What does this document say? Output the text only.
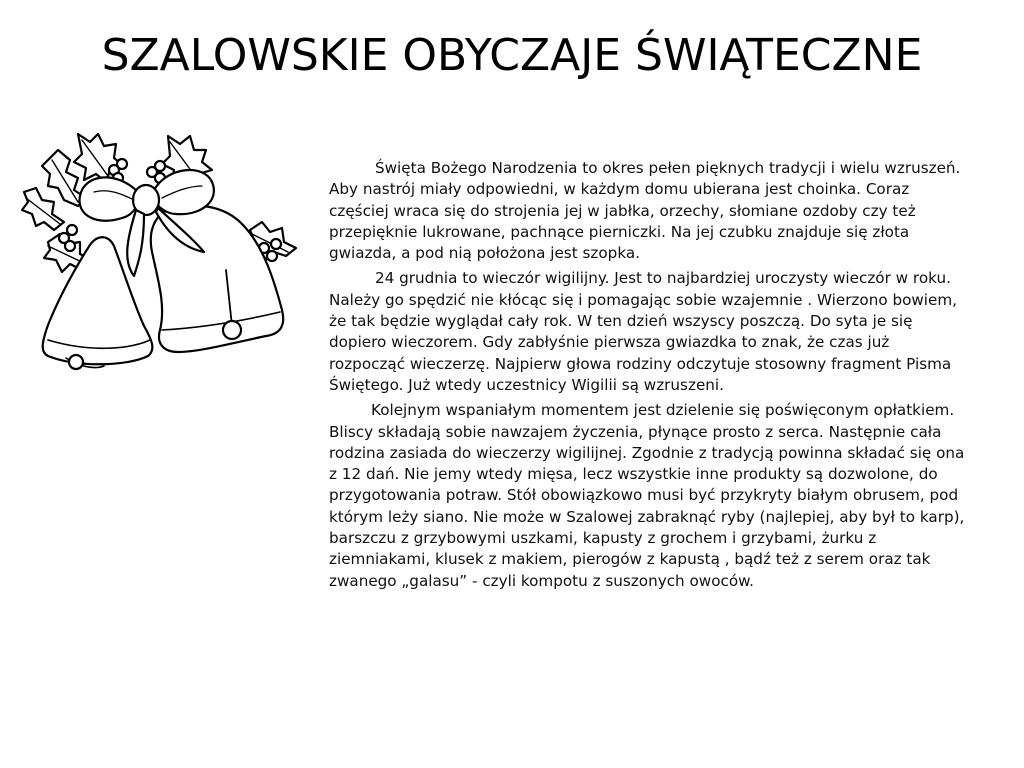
SZALOWSKIE OBYCZAJE ŚWIĄTECZNE

Święta Bożego Narodzenia to okres pełen pięknych tradycji i wielu wzruszeń. Aby nastrój miały odpowiedni, w każdym domu ubierana jest choinka. Coraz częściej wraca się do strojenia jej w jabłka, orzechy, słomiane ozdoby czy też przepięknie lukrowane, pachnące pierniczki. Na jej czubku znajduje się złota gwiazda, a pod nią położona jest szopka.

24 grudnia to wieczór wigilijny. Jest to najbardziej uroczysty wieczór w roku. Należy go spędzić nie kłócąc się i pomagając sobie wzajemnie . Wierzono bowiem, że tak będzie wyglądał cały rok. W ten dzień wszyscy poszczą. Do syta je się dopiero wieczorem. Gdy zabłyśnie pierwsza gwiazdka to znak, że czas już rozpocząć wieczerzę. Najpierw głowa rodziny odczytuje stosowny fragment Pisma Świętego. Już wtedy uczestnicy Wigilii są wzruszeni.

Kolejnym wspaniałym momentem jest dzielenie się poświęconym opłatkiem. Bliscy składają sobie nawzajem życzenia, płynące prosto z serca. Następnie cała rodzina zasiada do wieczerzy wigilijnej. Zgodnie z tradycją powinna składać się ona z 12 dań. Nie jemy wtedy mięsa, lecz wszystkie inne produkty są dozwolone, do przygotowania potraw. Stół obowiązkowo musi być przykryty białym obrusem, pod którym leży siano. Nie może w Szalowej zabraknąć ryby (najlepiej, aby był to karp), barszczu z grzybowymi uszkami, kapusty z grochem i grzybami, żurku z ziemniakami, klusek z makiem, pierogów z kapustą , bądź też z serem oraz tak zwanego „galasu” - czyli kompotu z suszonych owoców.
